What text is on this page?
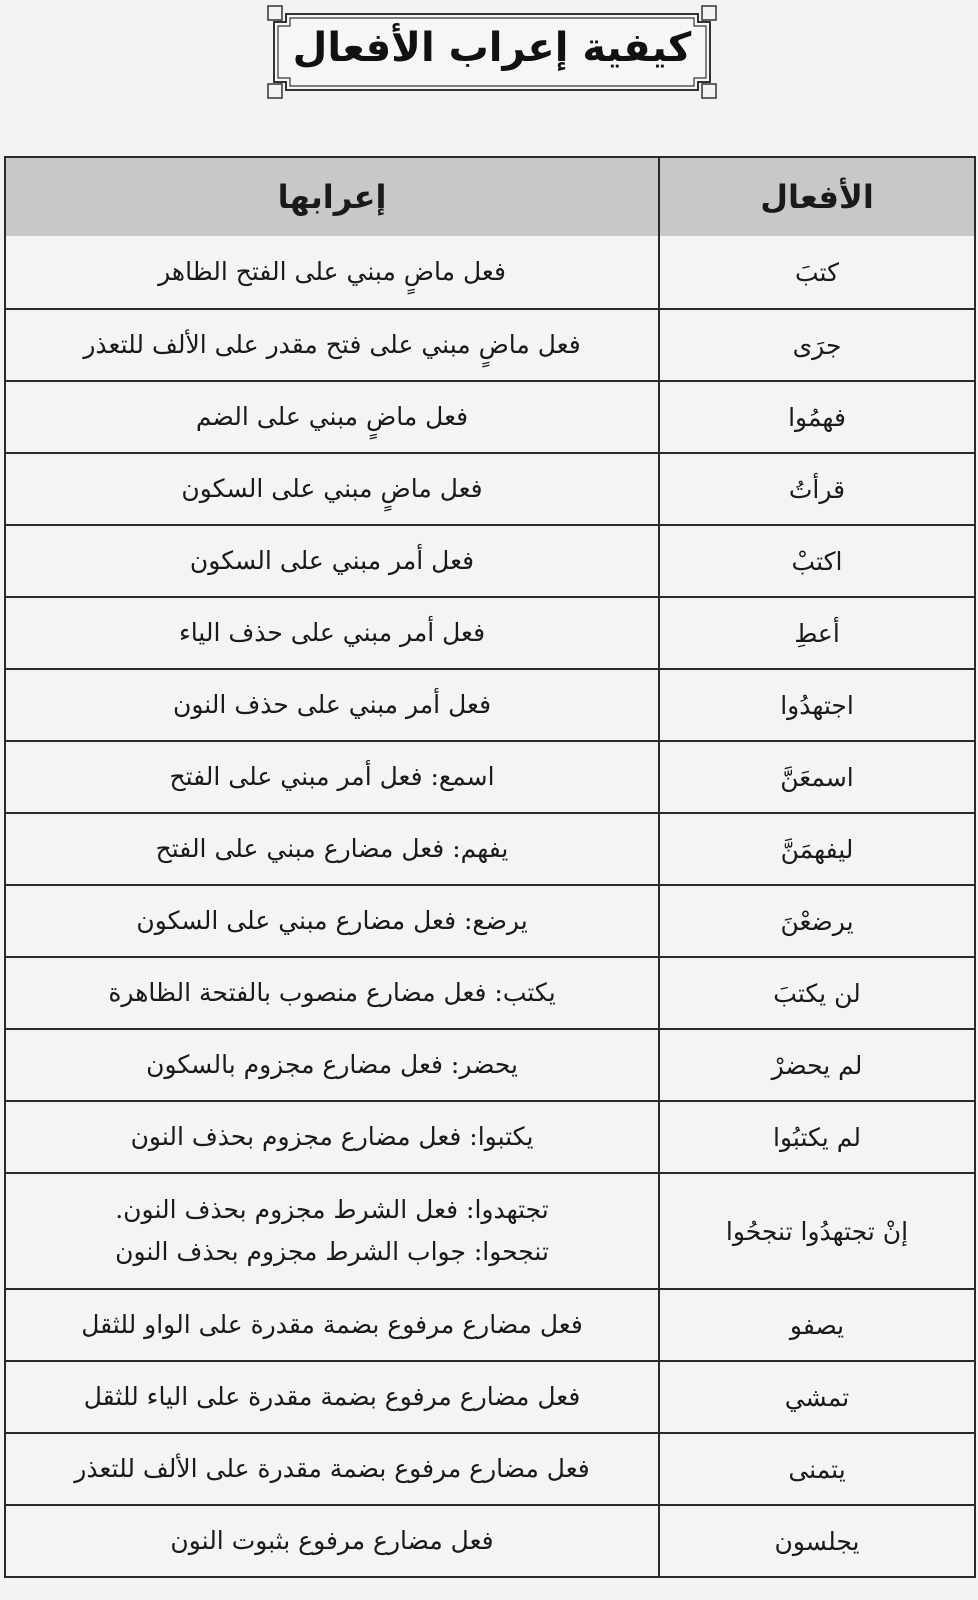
كيفية إعراب الأفعال
الأفعال
إعرابها
كتبَ
فعل ماضٍ مبني على الفتح الظاهر
جرَى
فعل ماضٍ مبني على فتح مقدر على الألف للتعذر
فهمُوا
فعل ماضٍ مبني على الضم
قرأتُ
فعل ماضٍ مبني على السكون
اكتبْ
فعل أمر مبني على السكون
أعطِ
فعل أمر مبني على حذف الياء
اجتهدُوا
فعل أمر مبني على حذف النون
اسمعَنَّ
اسمع: فعل أمر مبني على الفتح
ليفهمَنَّ
يفهم: فعل مضارع مبني على الفتح
يرضعْنَ
يرضع: فعل مضارع مبني على السكون
لن يكتبَ
يكتب: فعل مضارع منصوب بالفتحة الظاهرة
لم يحضرْ
يحضر: فعل مضارع مجزوم بالسكون
لم يكتبُوا
يكتبوا: فعل مضارع مجزوم بحذف النون
إنْ تجتهدُوا تنجحُوا
تجتهدوا: فعل الشرط مجزوم بحذف النون.
تنجحوا: جواب الشرط مجزوم بحذف النون
يصفو
فعل مضارع مرفوع بضمة مقدرة على الواو للثقل
تمشي
فعل مضارع مرفوع بضمة مقدرة على الياء للثقل
يتمنى
فعل مضارع مرفوع بضمة مقدرة على الألف للتعذر
يجلسون
فعل مضارع مرفوع بثبوت النون
